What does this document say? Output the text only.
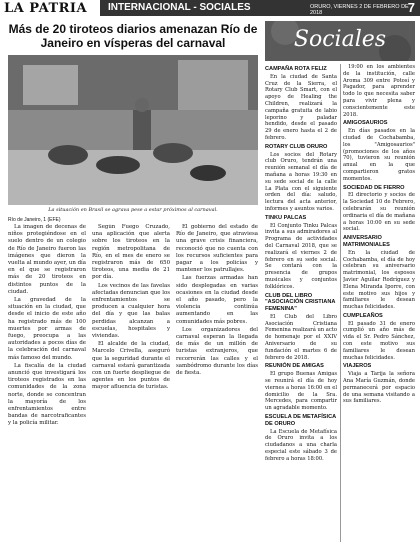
LA PATRIA INTERNACIONAL - SOCIALES	ORURO, VIERNES 2 DE FEBRERO DE 2018	7
Más de 20 tiroteos diarios amenazan Río de Janeiro en vísperas del carnaval
La situación en Brasil se agrava pese a estar próximos al carnaval.
Río de Janeiro, 1 (EFE)

La imagen de decenas de niños protegiéndose en el suelo dentro de un colegio de Río de Janeiro fueron las imágenes que dieron la vuelta al mundo ayer, un día en el que se registraron más de 20 tiroteos en distintos puntos de la ciudad.

La gravedad de la situación en la ciudad, que desde el inicio de este año ha registrado más de 100 muertes por armas de fuego, preocupa a las autoridades a pocos días de la celebración del carnaval más famoso del mundo.

La fiscalía de la ciudad anunció que investigará los tiroteos registrados en las comunidades de la zona norte, donde se concentran la mayoría de los enfrentamientos entre bandas de narcotraficantes y la policía militar.

Según Fuego Cruzado, una aplicación que alerta sobre los tiroteos en la región metropolitana de Río, en el mes de enero se registraron más de 650 tiroteos, una media de 21 por día.

Los vecinos de las favelas afectadas denuncian que los enfrentamientos se producen a cualquier hora del día y que las balas perdidas alcanzan a escuelas, hospitales y viviendas.

El alcalde de la ciudad, Marcelo Crivella, aseguró que la seguridad durante el carnaval estará garantizada con un fuerte despliegue de agentes en los puntos de mayor afluencia de turistas.

El gobierno del estado de Río de Janeiro, que atraviesa una grave crisis financiera, reconoció que no cuenta con los recursos suficientes para pagar a los policías y mantener los patrullajes.

Las fuerzas armadas han sido desplegadas en varias ocasiones en la ciudad desde el año pasado, pero la violencia continúa aumentando en las comunidades más pobres.

Los organizadores del carnaval esperan la llegada de más de un millón de turistas extranjeros, que recorrerán las calles y el sambódromo durante los días de fiesta.

Sociales
CAMPAÑA ROTA FELIZ

En la ciudad de Santa Cruz de la Sierra, el Rotary Club Smart, con el apoyo de Healing the Children, realizará la campaña gratuita de labio leporino y paladar hendido, desde el pasado 29 de enero hasta el 2 de febrero.

ROTARY CLUB ORURO

Los socios del Rotary club Oruro, tendrán una reunión semanal el día de mañana a horas 19:30 en su sede social de la calle La Plata con el siguiente orden del día: saludo, lectura del acta anterior, informes y asuntos varios.

TINKU PALCAS

El Conjunto Tinku Palcas invita a sus admiradores al Programa de actividades del Carnaval 2018, que se realizará el viernes 2 de febrero en su sede social. Se contará con la presencia de grupos musicales y conjuntos folklóricos.

CLUB DEL LIBRO "ASOCIACIÓN CRISTIANA FEMENINA"

El Club del Libro Asociación Cristiana Femenina realizará un acto de homenaje por el XXIV Aniversario de su fundación el martes 6 de febrero de 2018.

REUNIÓN DE AMIGAS

El grupo Buenas Amigas se reunirá el día de hoy viernes a horas 16:00 en el domicilio de la Sra. Mercedes, para compartir un agradable momento.

ESCUELA DE METAFÍSICA DE ORURO

La Escuela de Metafísica de Oruro invita a los ciudadanos a una charla especial este sábado 3 de febrero a horas 18:00.

19:00 en los ambientes de la institución, calle Aroma 309 entre Potosí y Pagador, para aprender todo lo que necesita saber para vivir plena y conscientemente este 2018.

AMIGOSAURIOS

En días pasados en la ciudad de Cochabamba, los "Amigosaurios" (promociones de los años 70), tuvieron su reunión anual en la que compartieron gratos momentos.

SOCIEDAD DE FIERRO

El directorio y socios de la Sociedad 10 de Febrero, celebrarán su reunión ordinaria el día de mañana a horas 10:00 en su sede social.

ANIVERSARIO MATRIMONIALES

En la ciudad de Cochabamba, el día de hoy celebran su aniversario matrimonial, los esposos Javier Aguilar Rodríguez y Elena Miranda Iporre, con este motivo sus hijos y familiares le desean muchas felicidades.

CUMPLEAÑOS

El pasado 31 de enero cumplió un año más de vida el Sr. Pedro Sánchez, con este motivo sus familiares le desean muchas felicidades.

VIAJEROS

Viaja a Tarija la señora Ana María Guzmán, donde permanecerá por espacio de una semana visitando a sus familiares.
